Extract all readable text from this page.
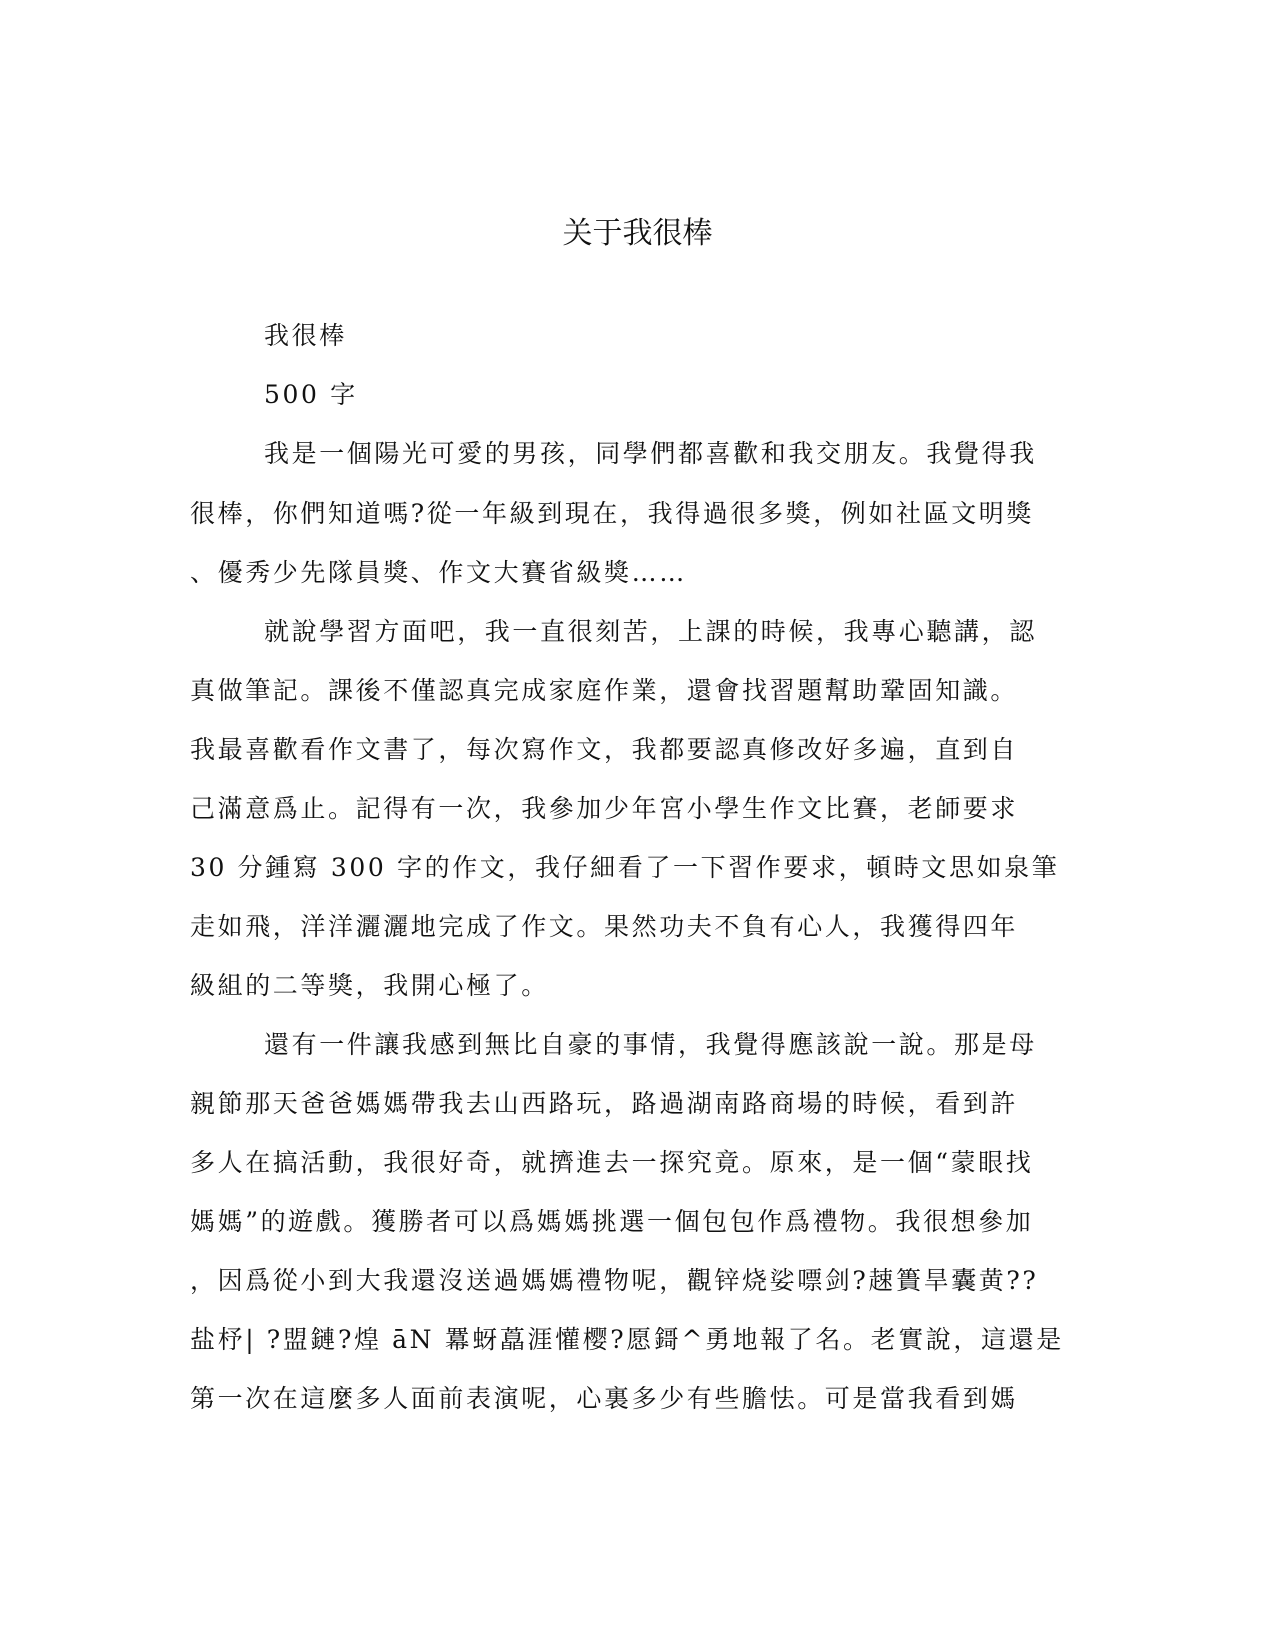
关于我很棒

我很棒

500 字

我是一個陽光可愛的男孩，同學們都喜歡和我交朋友。我覺得我

很棒，你們知道嗎?從一年級到現在，我得過很多獎，例如社區文明獎

、優秀少先隊員獎、作文大賽省級獎……

就說學習方面吧，我一直很刻苦，上課的時候，我專心聽講，認

真做筆記。課後不僅認真完成家庭作業，還會找習題幫助鞏固知識。

我最喜歡看作文書了，每次寫作文，我都要認真修改好多遍，直到自

己滿意爲止。記得有一次，我參加少年宮小學生作文比賽，老師要求

30 分鍾寫 300 字的作文，我仔細看了一下習作要求，頓時文思如泉筆

走如飛，洋洋灑灑地完成了作文。果然功夫不負有心人，我獲得四年

級組的二等獎，我開心極了。

還有一件讓我感到無比自豪的事情，我覺得應該說一說。那是母

親節那天爸爸媽媽帶我去山西路玩，路過湖南路商場的時候，看到許

多人在搞活動，我很好奇，就擠進去一探究竟。原來，是一個“蒙眼找

媽媽”的遊戲。獲勝者可以爲媽媽挑選一個包包作爲禮物。我很想參加

，因爲從小到大我還沒送過媽媽禮物呢，觀锌烧娑嘌剑?趚簣旱囊黄??

盐杼| ?盟鏈?煌 āN 羃蚜藠涯懽樱?愿鎶^勇地報了名。老實說，這還是

第一次在這麼多人面前表演呢，心裏多少有些膽怯。可是當我看到媽
